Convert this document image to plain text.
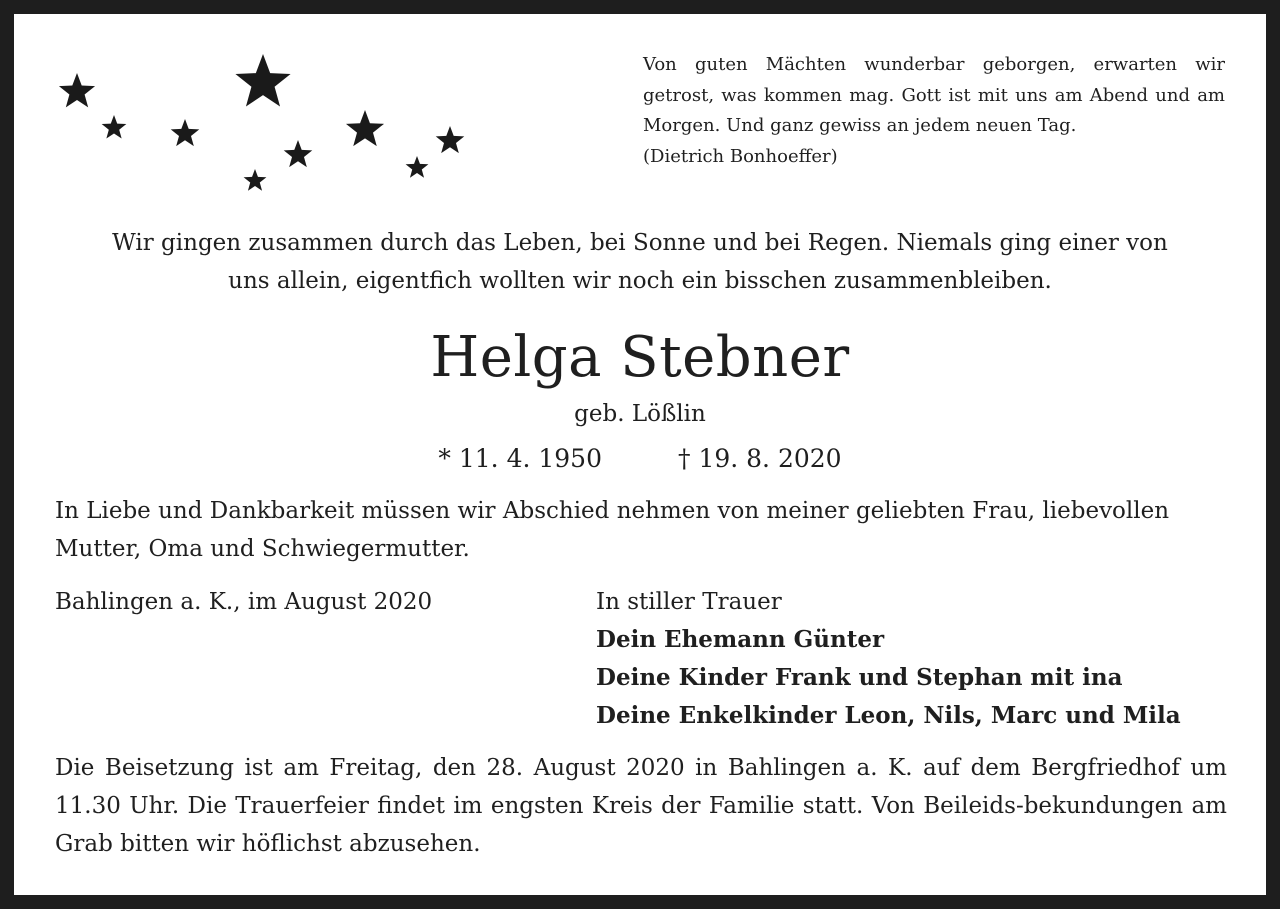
Von guten Mächten wunderbar geborgen, erwarten wir getrost, was kommen mag. Gott ist mit uns am Abend und am Morgen. Und ganz gewiss an jedem neuen Tag.
(Dietrich Bonhoeffer)
Wir gingen zusammen durch das Leben, bei Sonne und bei Regen. Niemals ging einer von
uns allein, eigentfich wollten wir noch ein bisschen zusammenbleiben.
Helga Stebner
geb. Lößlin
* 11. 4. 1950	† 19. 8. 2020
In Liebe und Dankbarkeit müssen wir Abschied nehmen von meiner geliebten Frau, liebevollen Mutter, Oma und Schwiegermutter.
Bahlingen a. K., im August 2020	In stiller Trauer
Dein Ehemann Günter
Deine Kinder Frank und Stephan mit ina
Deine Enkelkinder Leon, Nils, Marc und Mila
Die Beisetzung ist am Freitag, den 28. August 2020 in Bahlingen a. K. auf dem Bergfriedhof um 11.30 Uhr. Die Trauerfeier findet im engsten Kreis der Familie statt. Von Beileids-bekundungen am Grab bitten wir höflichst abzusehen.
